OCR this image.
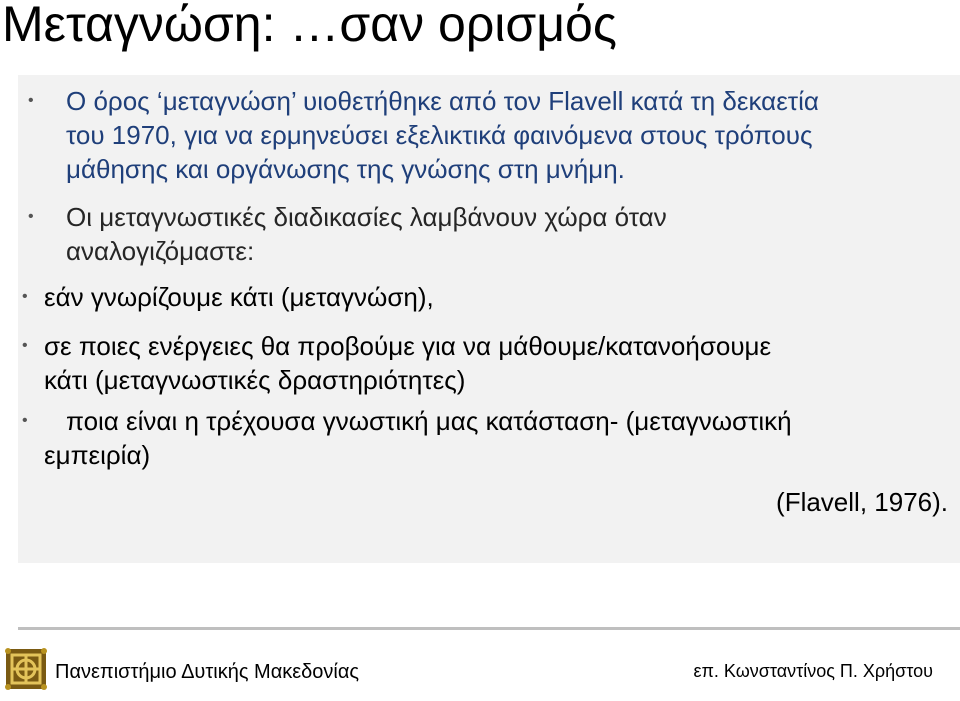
Μεταγνώση: …σαν ορισμός
• Ο όρος ‘μεταγνώση’ υιοθετήθηκε από τον Flavell κατά τη δεκαετία
του 1970, για να ερμηνεύσει εξελικτικά φαινόμενα στους τρόπους
μάθησης και οργάνωσης της γνώσης στη μνήμη.
• Οι μεταγνωστικές διαδικασίες λαμβάνουν χώρα όταν
αναλογιζόμαστε:
• εάν γνωρίζουμε κάτι (μεταγνώση),
• σε ποιες ενέργειες θα προβούμε για να μάθουμε/κατανοήσουμε
κάτι (μεταγνωστικές δραστηριότητες)
• ποια είναι η τρέχουσα γνωστική μας κατάσταση- (μεταγνωστική
εμπειρία)
(Flavell, 1976).
Πανεπιστήμιο Δυτικής Μακεδονίας	επ. Κωνσταντίνος Π. Χρήστου
